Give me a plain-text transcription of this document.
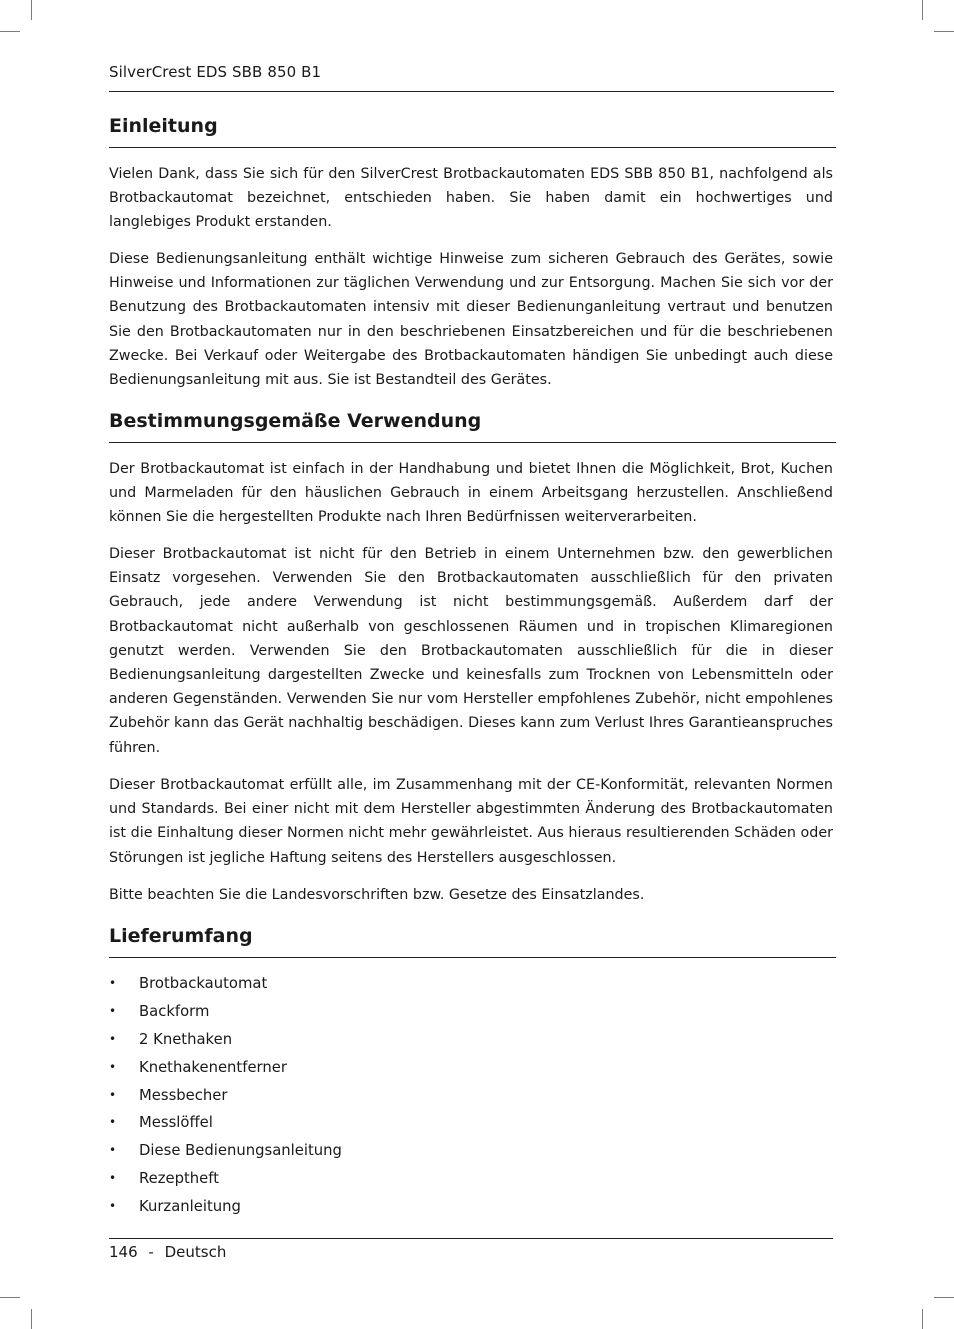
SilverCrest EDS SBB 850 B1
Einleitung

Vielen Dank, dass Sie sich für den SilverCrest Brotbackautomaten EDS SBB 850 B1, nachfolgend als Brotbackautomat bezeichnet, entschieden haben. Sie haben damit ein hochwertiges und langlebiges Produkt erstanden.

Diese Bedienungsanleitung enthält wichtige Hinweise zum sicheren Gebrauch des Gerätes, sowie Hinweise und Informationen zur täglichen Verwendung und zur Entsorgung. Machen Sie sich vor der Benutzung des Brotbackautomaten intensiv mit dieser Bedienunganleitung vertraut und benutzen Sie den Brotbackautomaten nur in den beschriebenen Einsatzbereichen und für die beschriebenen Zwecke. Bei Verkauf oder Weitergabe des Brotbackautomaten händigen Sie unbedingt auch diese Bedienungsanleitung mit aus. Sie ist Bestandteil des Gerätes.

Bestimmungsgemäße Verwendung

Der Brotbackautomat ist einfach in der Handhabung und bietet Ihnen die Möglichkeit, Brot, Kuchen und Marmeladen für den häuslichen Gebrauch in einem Arbeitsgang herzustellen. Anschließend können Sie die hergestellten Produkte nach Ihren Bedürfnissen weiterverarbeiten.

Dieser Brotbackautomat ist nicht für den Betrieb in einem Unternehmen bzw. den gewerblichen Einsatz vorgesehen. Verwenden Sie den Brotbackautomaten ausschließlich für den privaten Gebrauch, jede andere Verwendung ist nicht bestimmungsgemäß. Außerdem darf der Brotbackautomat nicht außerhalb von geschlossenen Räumen und in tropischen Klimaregionen genutzt werden. Verwenden Sie den Brotbackautomaten ausschließlich für die in dieser Bedienungsanleitung dargestellten Zwecke und keinesfalls zum Trocknen von Lebensmitteln oder anderen Gegenständen. Verwenden Sie nur vom Hersteller empfohlenes Zubehör, nicht empohlenes Zubehör kann das Gerät nachhaltig beschädigen. Dieses kann zum Verlust Ihres Garantieanspruches führen.

Dieser Brotbackautomat erfüllt alle, im Zusammenhang mit der CE-Konformität, relevanten Normen und Standards. Bei einer nicht mit dem Hersteller abgestimmten Änderung des Brotbackautomaten ist die Einhaltung dieser Normen nicht mehr gewährleistet. Aus hieraus resultierenden Schäden oder Störungen ist jegliche Haftung seitens des Herstellers ausgeschlossen.

Bitte beachten Sie die Landesvorschriften bzw. Gesetze des Einsatzlandes.

Lieferumfang
• Brotbackautomat
• Backform
• 2 Knethaken
• Knethakenentferner
• Messbecher
• Messlöffel
• Diese Bedienungsanleitung
• Rezeptheft
• Kurzanleitung
146 - Deutsch
